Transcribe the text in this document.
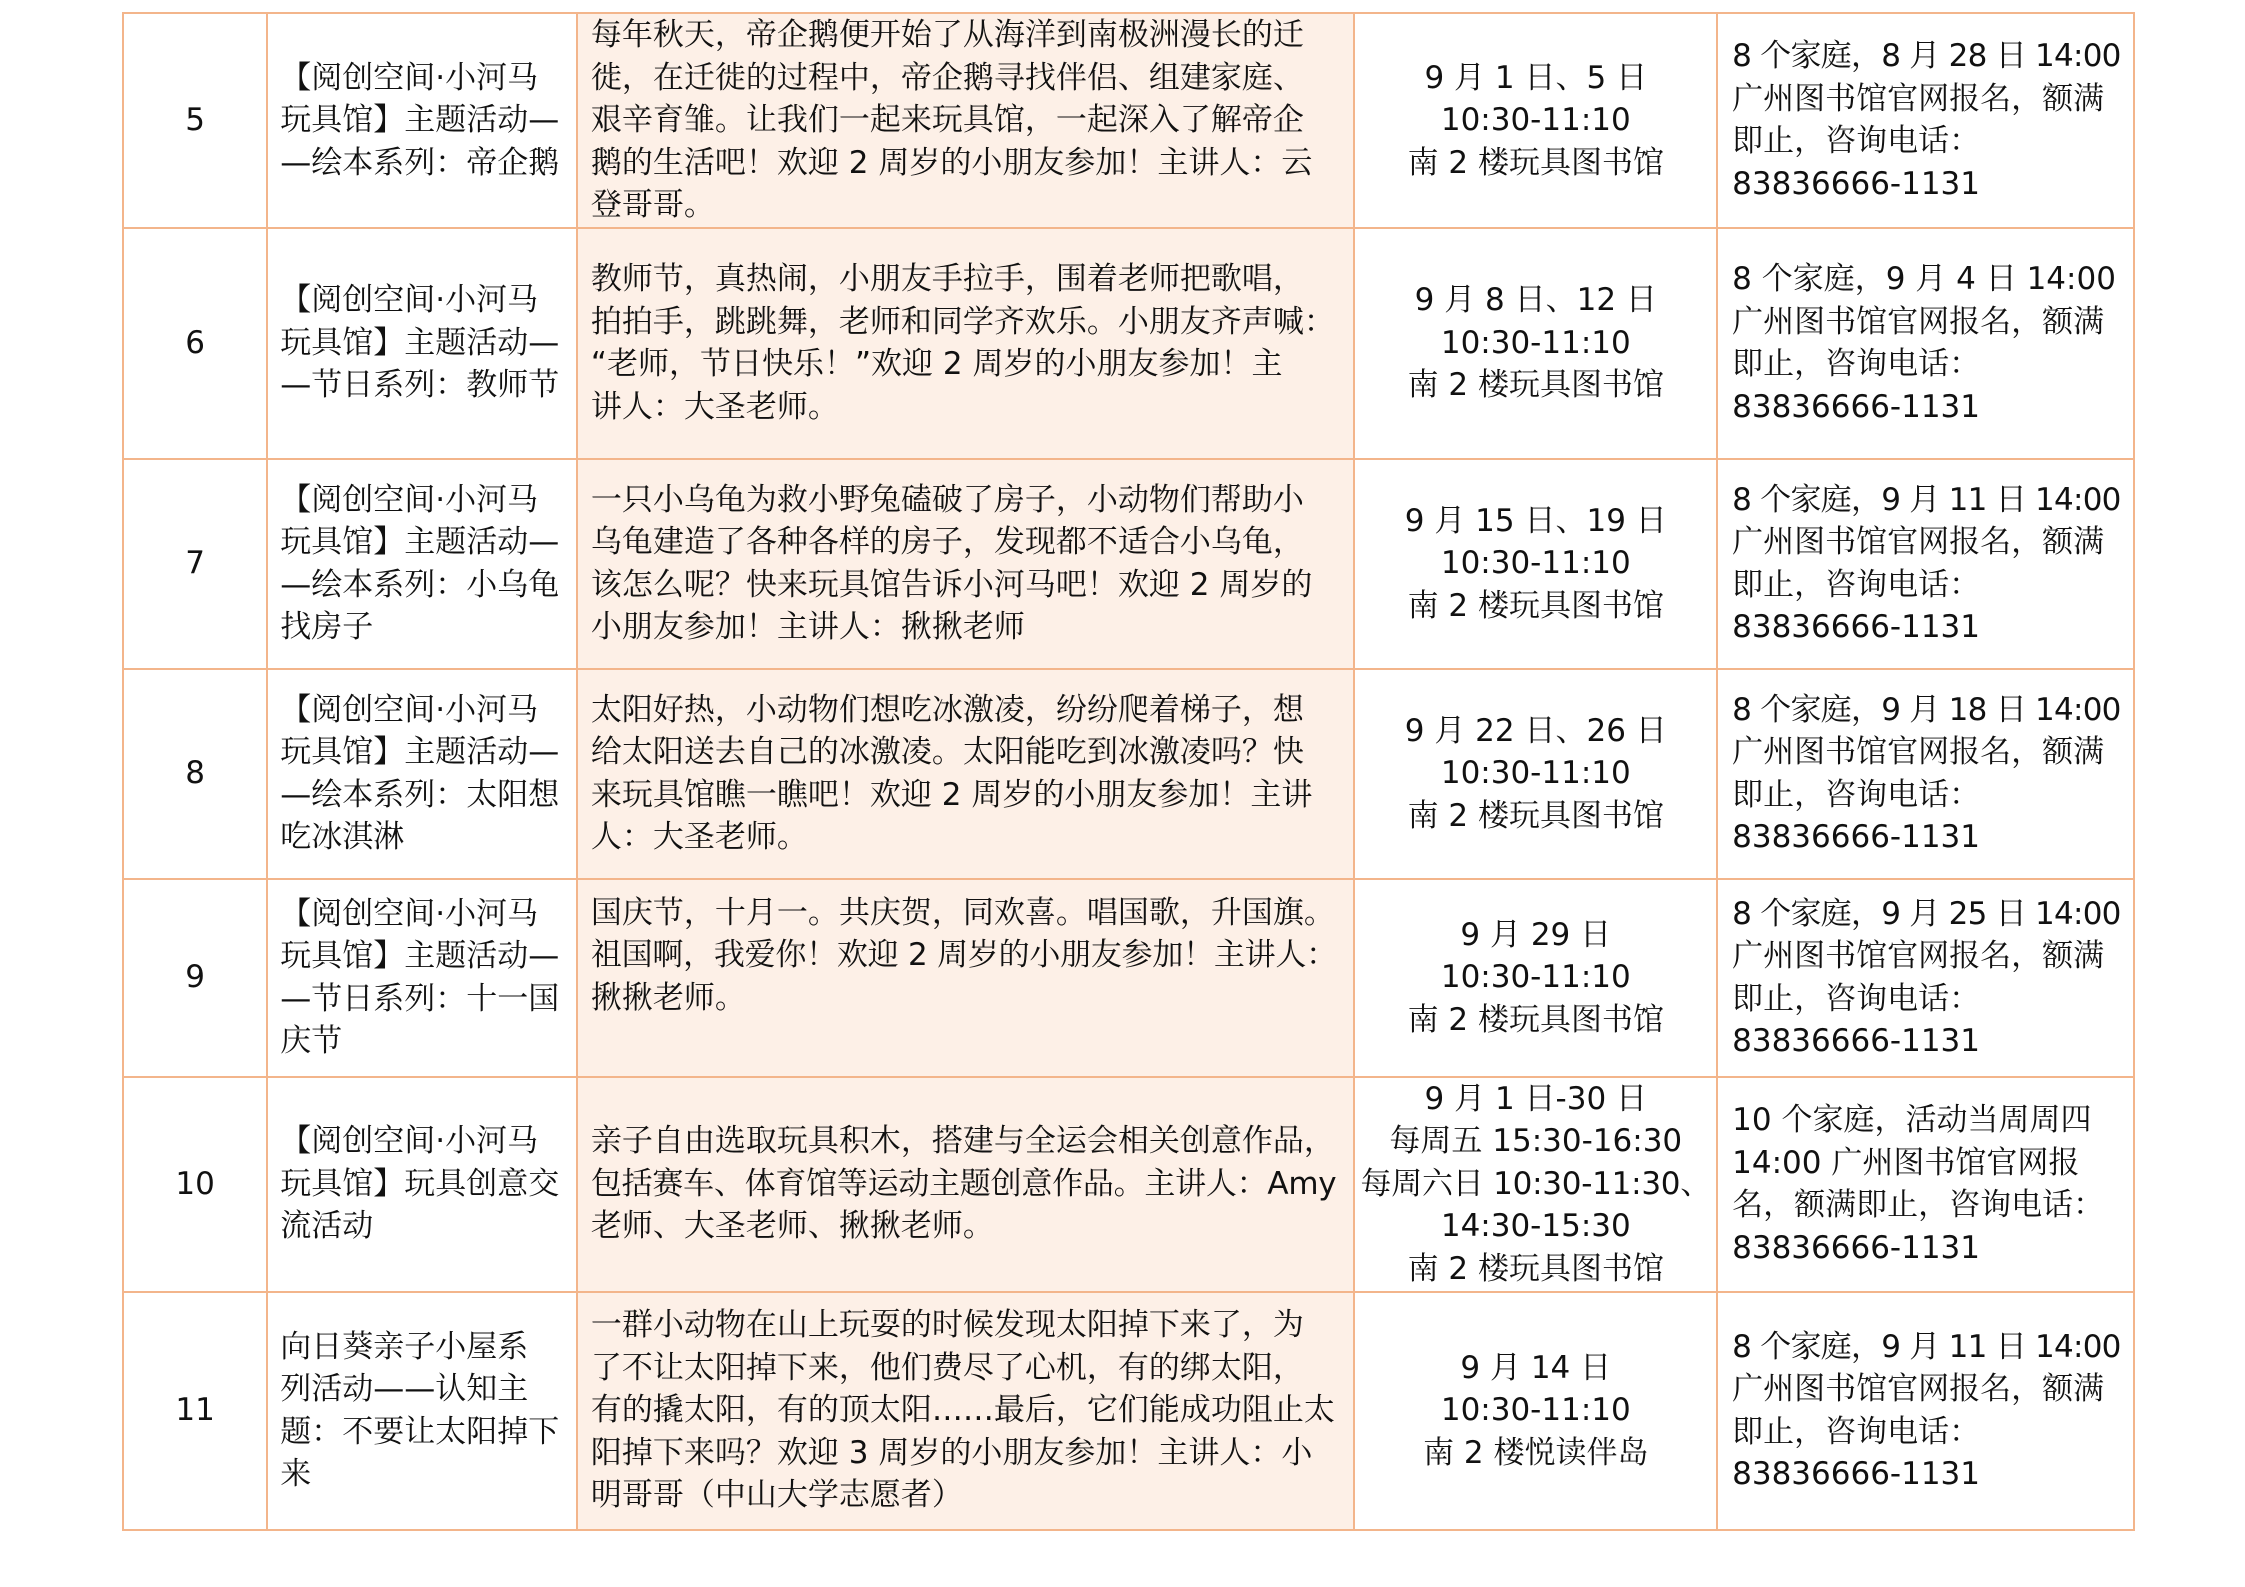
5	【阅创空间·小河马
玩具馆】主题活动—
—绘本系列：帝企鹅	每年秋天，帝企鹅便开始了从海洋到南极洲漫长的迁
徙，在迁徙的过程中，帝企鹅寻找伴侣、组建家庭、
艰辛育雏。让我们一起来玩具馆，一起深入了解帝企
鹅的生活吧！欢迎 2 周岁的小朋友参加！主讲人：云
登哥哥。	9 月 1 日、5 日
10:30-11:10
南 2 楼玩具图书馆	8 个家庭，8 月 28 日 14:00
广州图书馆官网报名，额满
即止，咨询电话：
83836666-1131

6	【阅创空间·小河马
玩具馆】主题活动—
—节日系列：教师节	教师节，真热闹，小朋友手拉手，围着老师把歌唱，
拍拍手，跳跳舞，老师和同学齐欢乐。小朋友齐声喊：
“老师，节日快乐！”欢迎 2 周岁的小朋友参加！主
讲人：大圣老师。	9 月 8 日、12 日
10:30-11:10
南 2 楼玩具图书馆	8 个家庭，9 月 4 日 14:00
广州图书馆官网报名，额满
即止，咨询电话：
83836666-1131

7	【阅创空间·小河马
玩具馆】主题活动—
—绘本系列：小乌龟
找房子	一只小乌龟为救小野兔磕破了房子，小动物们帮助小
乌龟建造了各种各样的房子，发现都不适合小乌龟，
该怎么呢？快来玩具馆告诉小河马吧！欢迎 2 周岁的
小朋友参加！主讲人：揪揪老师	9 月 15 日、19 日
10:30-11:10
南 2 楼玩具图书馆	8 个家庭，9 月 11 日 14:00
广州图书馆官网报名，额满
即止，咨询电话：
83836666-1131

8	【阅创空间·小河马
玩具馆】主题活动—
—绘本系列：太阳想
吃冰淇淋	太阳好热，小动物们想吃冰激凌，纷纷爬着梯子，想
给太阳送去自己的冰激凌。太阳能吃到冰激凌吗？快
来玩具馆瞧一瞧吧！欢迎 2 周岁的小朋友参加！主讲
人：大圣老师。	9 月 22 日、26 日
10:30-11:10
南 2 楼玩具图书馆	8 个家庭，9 月 18 日 14:00
广州图书馆官网报名，额满
即止，咨询电话：
83836666-1131

9	【阅创空间·小河马
玩具馆】主题活动—
—节日系列：十一国
庆节	国庆节，十月一。共庆贺，同欢喜。唱国歌，升国旗。
祖国啊，我爱你！欢迎 2 周岁的小朋友参加！主讲人：
揪揪老师。	9 月 29 日
10:30-11:10
南 2 楼玩具图书馆	8 个家庭，9 月 25 日 14:00
广州图书馆官网报名，额满
即止，咨询电话：
83836666-1131

10	【阅创空间·小河马
玩具馆】玩具创意交
流活动	亲子自由选取玩具积木，搭建与全运会相关创意作品，
包括赛车、体育馆等运动主题创意作品。主讲人：Amy
老师、大圣老师、揪揪老师。	9 月 1 日-30 日
每周五 15:30-16:30
每周六日 10:30-11:30、
14:30-15:30
南 2 楼玩具图书馆	10 个家庭，活动当周周四
14:00 广州图书馆官网报
名，额满即止，咨询电话：
83836666-1131

11	向日葵亲子小屋系
列活动——认知主
题：不要让太阳掉下
来	一群小动物在山上玩耍的时候发现太阳掉下来了，为
了不让太阳掉下来，他们费尽了心机，有的绑太阳，
有的撬太阳，有的顶太阳……最后，它们能成功阻止太
阳掉下来吗？欢迎 3 周岁的小朋友参加！主讲人：小
明哥哥（中山大学志愿者）	9 月 14 日
10:30-11:10
南 2 楼悦读伴岛	8 个家庭，9 月 11 日 14:00
广州图书馆官网报名，额满
即止，咨询电话：
83836666-1131
